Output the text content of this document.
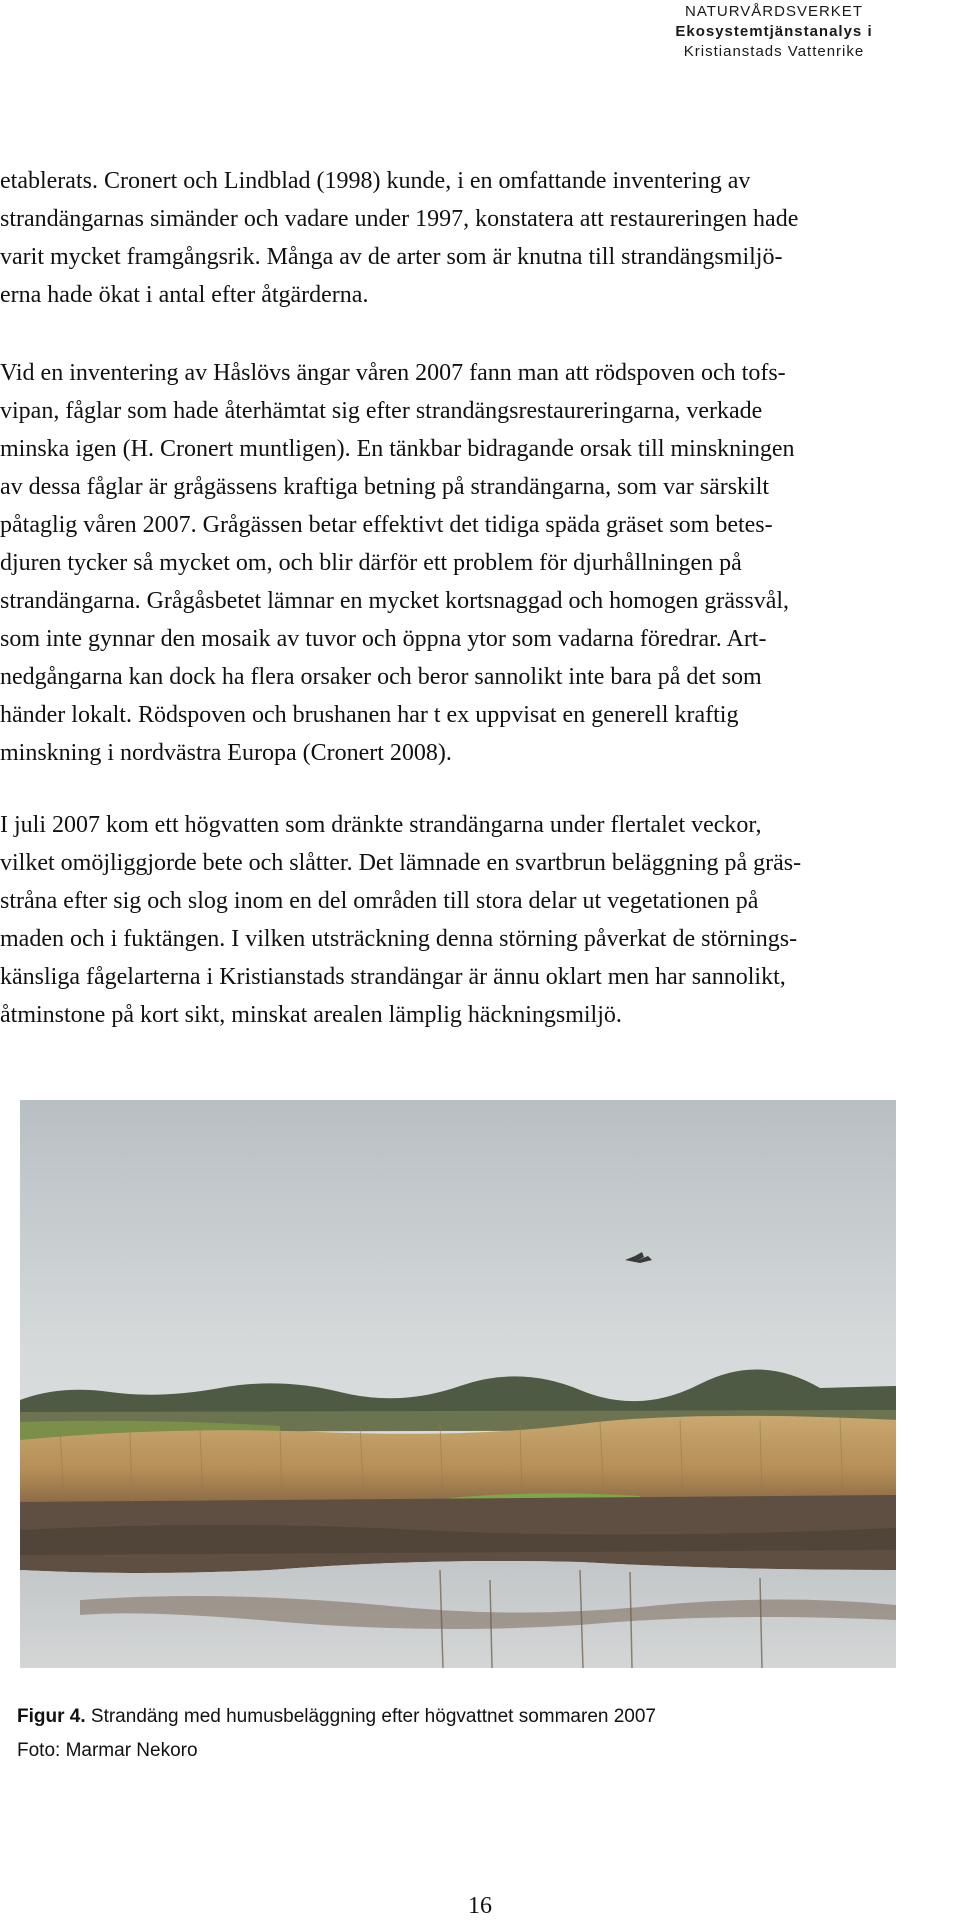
NATURVÅRDSVERKET
Ekosystemtjänstanalys i
Kristianstads Vattenrike

etablerats. Cronert och Lindblad (1998) kunde, i en omfattande inventering av

strandängarnas simänder och vadare under 1997, konstatera att restaureringen hade

varit mycket framgångsrik. Många av de arter som är knutna till strandängsmiljö-

erna hade ökat i antal efter åtgärderna.

Vid en inventering av Håslövs ängar våren 2007 fann man att rödspoven och tofs-

vipan, fåglar som hade återhämtat sig efter strandängsrestaureringarna, verkade

minska igen (H. Cronert muntligen). En tänkbar bidragande orsak till minskningen

av dessa fåglar är grågässens kraftiga betning på strandängarna, som var särskilt

påtaglig våren 2007. Grågässen betar effektivt det tidiga späda gräset som betes-

djuren tycker så mycket om, och blir därför ett problem för djurhållningen på

strandängarna. Grågåsbetet lämnar en mycket kortsnaggad och homogen grässvål,

som inte gynnar den mosaik av tuvor och öppna ytor som vadarna föredrar. Art-

nedgångarna kan dock ha flera orsaker och beror sannolikt inte bara på det som

händer lokalt. Rödspoven och brushanen har t ex uppvisat en generell kraftig

minskning i nordvästra Europa (Cronert 2008).

I juli 2007 kom ett högvatten som dränkte strandängarna under flertalet veckor,

vilket omöjliggjorde bete och slåtter. Det lämnade en svartbrun beläggning på gräs-

stråna efter sig och slog inom en del områden till stora delar ut vegetationen på

maden och i fuktängen. I vilken utsträckning denna störning påverkat de störnings-

känsliga fågelarterna i Kristianstads strandängar är ännu oklart men har sannolikt,

åtminstone på kort sikt, minskat arealen lämplig häckningsmiljö.

Figur 4. Strandäng med humusbeläggning efter högvattnet sommaren 2007

Foto: Marmar Nekoro

16
